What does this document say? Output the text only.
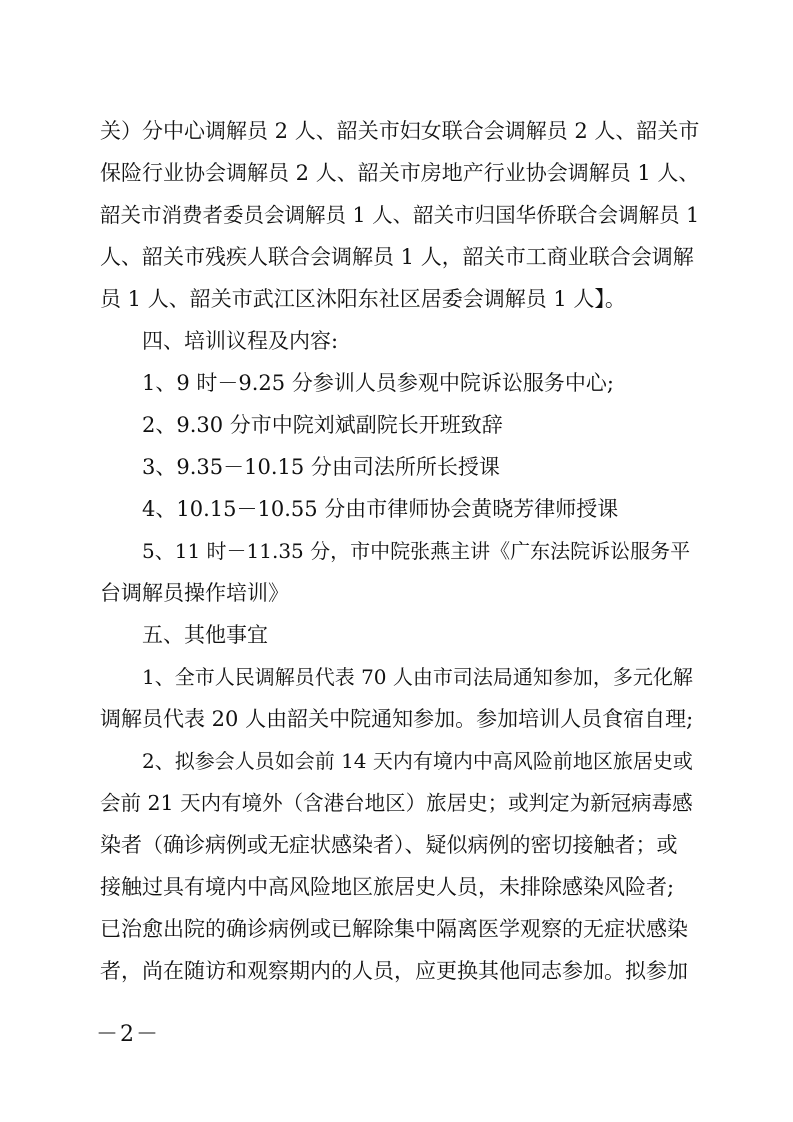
关）分中心调解员 2 人、韶关市妇女联合会调解员 2 人、韶关市
保险行业协会调解员 2 人、韶关市房地产行业协会调解员 1 人、
韶关市消费者委员会调解员 1 人、韶关市归国华侨联合会调解员 1
人、韶关市残疾人联合会调解员 1 人，韶关市工商业联合会调解
员 1 人、韶关市武江区沐阳东社区居委会调解员 1 人】。
四、培训议程及内容:
1、9 时－9.25 分参训人员参观中院诉讼服务中心;
2、9.30 分市中院刘斌副院长开班致辞
3、9.35－10.15 分由司法所所长授课
4、10.15－10.55 分由市律师协会黄晓芳律师授课
5、11 时－11.35 分，市中院张燕主讲《广东法院诉讼服务平
台调解员操作培训》
五、其他事宜
1、全市人民调解员代表 70 人由市司法局通知参加，多元化解
调解员代表 20 人由韶关中院通知参加。参加培训人员食宿自理;
2、拟参会人员如会前 14 天内有境内中高风险前地区旅居史或
会前 21 天内有境外（含港台地区）旅居史；或判定为新冠病毒感
染者（确诊病例或无症状感染者）、疑似病例的密切接触者；或
接触过具有境内中高风险地区旅居史人员，未排除感染风险者;
已治愈出院的确诊病例或已解除集中隔离医学观察的无症状感染
者，尚在随访和观察期内的人员，应更换其他同志参加。拟参加
－2－
